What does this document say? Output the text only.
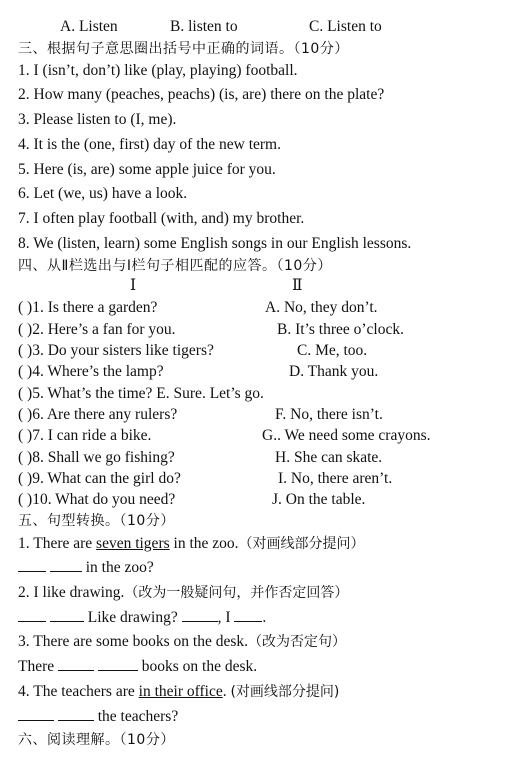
A. Listen	B. listen to	C. Listen to
三、根据句子意思圈出括号中正确的词语。（10分）
1. I (isn’t, don’t) like (play, playing) football.
2. How many (peaches, peachs) (is, are) there on the plate?
3. Please listen to (I, me).
4. It is the (one, first) day of the new term.
5. Here (is, are) some apple juice for you.
6. Let (we, us) have a look.
7. I often play football (with, and) my brother.
8. We (listen, learn) some English songs in our English lessons.
四、从Ⅱ栏选出与Ⅰ栏句子相匹配的应答。（10分）
Ⅰ	Ⅱ
( )1. Is there a garden?	A. No, they don’t.
( )2. Here’s a fan for you.	B. It’s three o’clock.
( )3. Do your sisters like tigers?	C. Me, too.
( )4. Where’s the lamp?	D. Thank you.
( )5. What’s the time? E. Sure. Let’s go.
( )6. Are there any rulers?	F. No, there isn’t.
( )7. I can ride a bike.	G.. We need some crayons.
( )8. Shall we go fishing?	H. She can skate.
( )9. What can the girl do?	I. No, there aren’t.
( )10. What do you need?	J. On the table.
五、句型转换。（10分）
1. There are seven tigers in the zoo.（对画线部分提问）
in the zoo?
2. I like drawing.（改为一般疑问句，并作否定回答）
Like drawing? , I .
3. There are some books on the desk.（改为否定句）
There	books on the desk.
4. The teachers are in their office. (对画线部分提问)
the teachers?
六、阅读理解。（10分）
